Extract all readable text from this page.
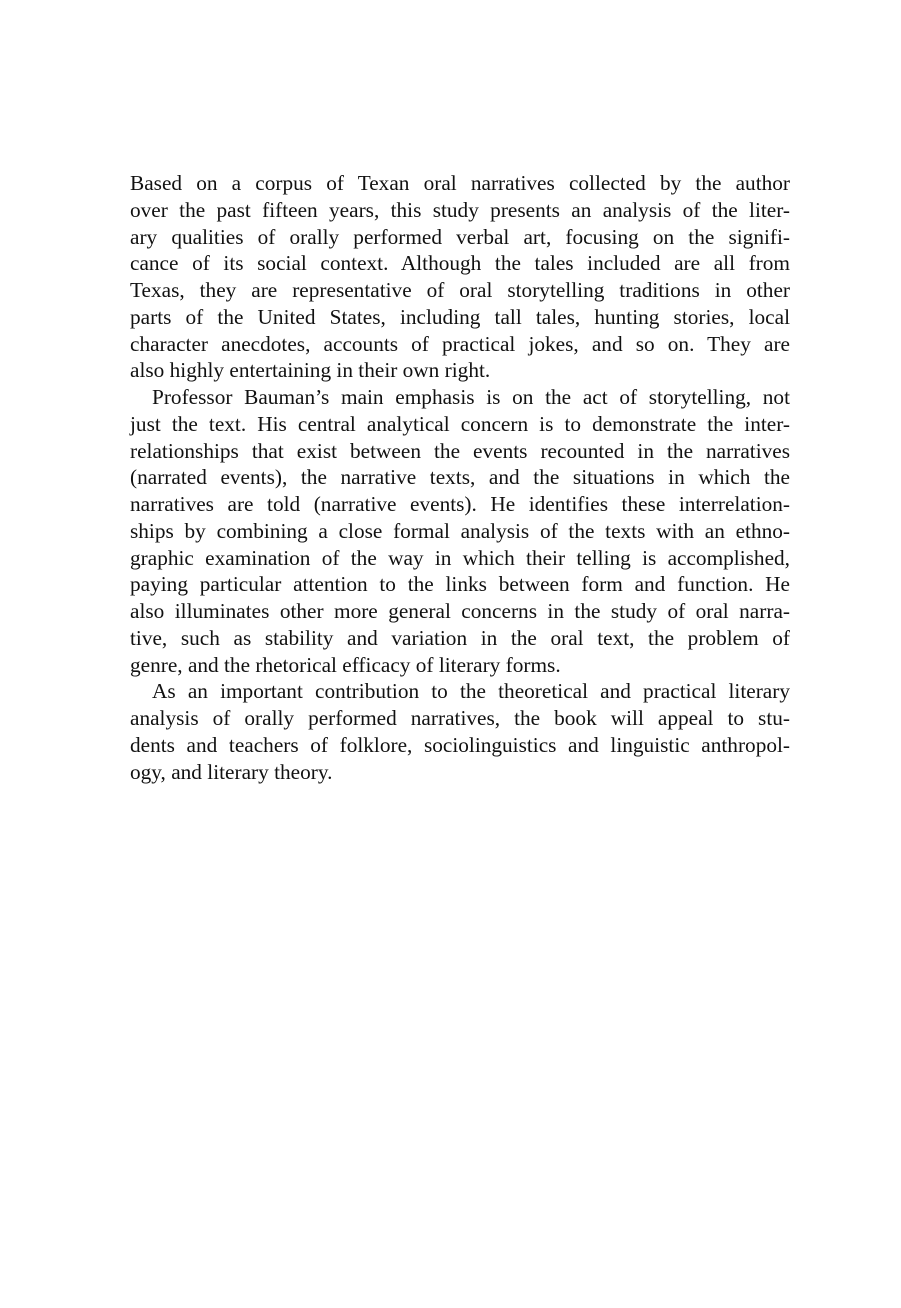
Based on a corpus of Texan oral narratives collected by the author
over the past fifteen years, this study presents an analysis of the liter-
ary qualities of orally performed verbal art, focusing on the signifi-
cance of its social context. Although the tales included are all from
Texas, they are representative of oral storytelling traditions in other
parts of the United States, including tall tales, hunting stories, local
character anecdotes, accounts of practical jokes, and so on. They are
also highly entertaining in their own right.
Professor Bauman’s main emphasis is on the act of storytelling, not
just the text. His central analytical concern is to demonstrate the inter-
relationships that exist between the events recounted in the narratives
(narrated events), the narrative texts, and the situations in which the
narratives are told (narrative events). He identifies these interrelation-
ships by combining a close formal analysis of the texts with an ethno-
graphic examination of the way in which their telling is accomplished,
paying particular attention to the links between form and function. He
also illuminates other more general concerns in the study of oral narra-
tive, such as stability and variation in the oral text, the problem of
genre, and the rhetorical efficacy of literary forms.
As an important contribution to the theoretical and practical literary
analysis of orally performed narratives, the book will appeal to stu-
dents and teachers of folklore, sociolinguistics and linguistic anthropol-
ogy, and literary theory.
